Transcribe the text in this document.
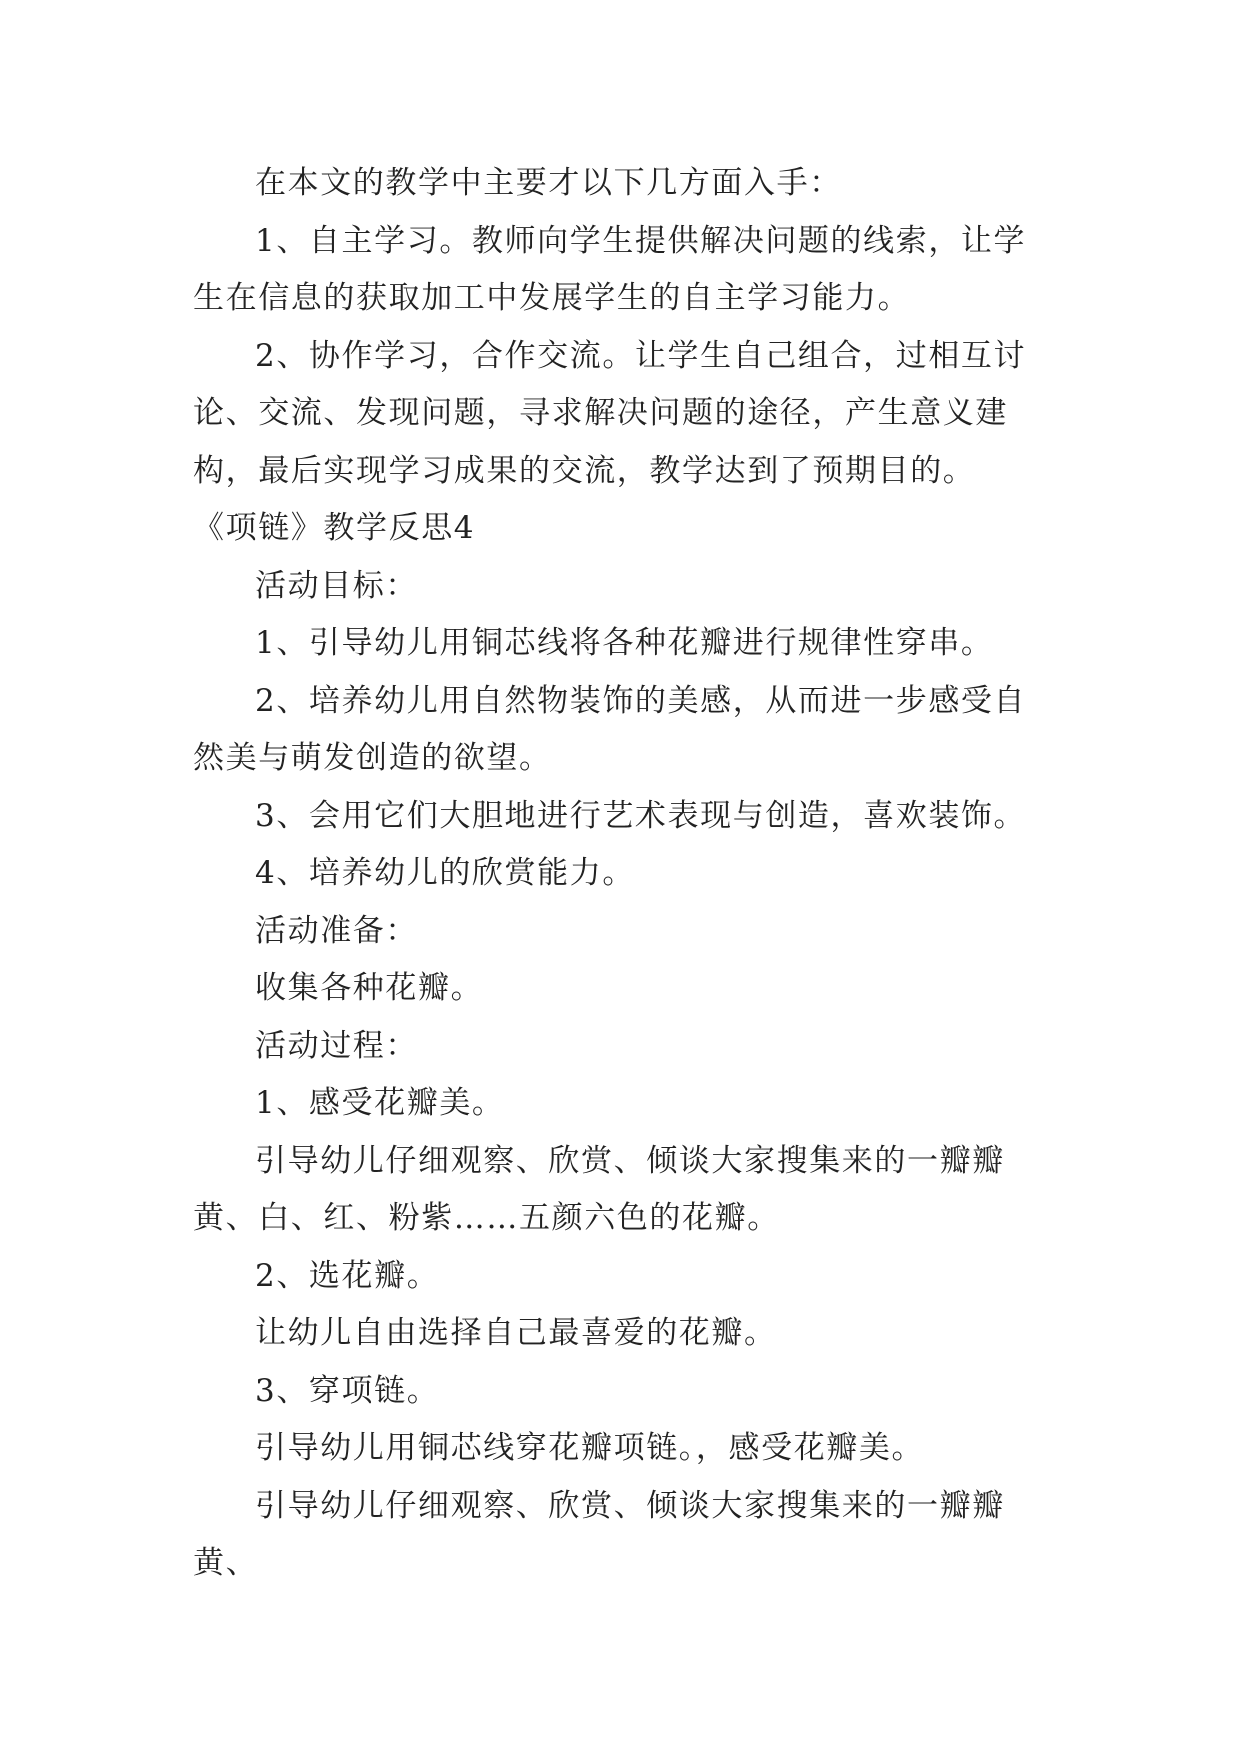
在本文的教学中主要才以下几方面入手：

1、自主学习。教师向学生提供解决问题的线索，让学生在信息的获取加工中发展学生的自主学习能力。

2、协作学习，合作交流。让学生自己组合，过相互讨论、交流、发现问题，寻求解决问题的途径，产生意义建构，最后实现学习成果的交流，教学达到了预期目的。

《项链》教学反思4

活动目标：

1、引导幼儿用铜芯线将各种花瓣进行规律性穿串。

2、培养幼儿用自然物装饰的美感，从而进一步感受自然美与萌发创造的欲望。

3、会用它们大胆地进行艺术表现与创造，喜欢装饰。

4、培养幼儿的欣赏能力。

活动准备：

收集各种花瓣。

活动过程：

1、感受花瓣美。

引导幼儿仔细观察、欣赏、倾谈大家搜集来的一瓣瓣黄、白、红、粉紫……五颜六色的花瓣。

2、选花瓣。

让幼儿自由选择自己最喜爱的花瓣。

3、穿项链。

引导幼儿用铜芯线穿花瓣项链。，感受花瓣美。

引导幼儿仔细观察、欣赏、倾谈大家搜集来的一瓣瓣黄、
